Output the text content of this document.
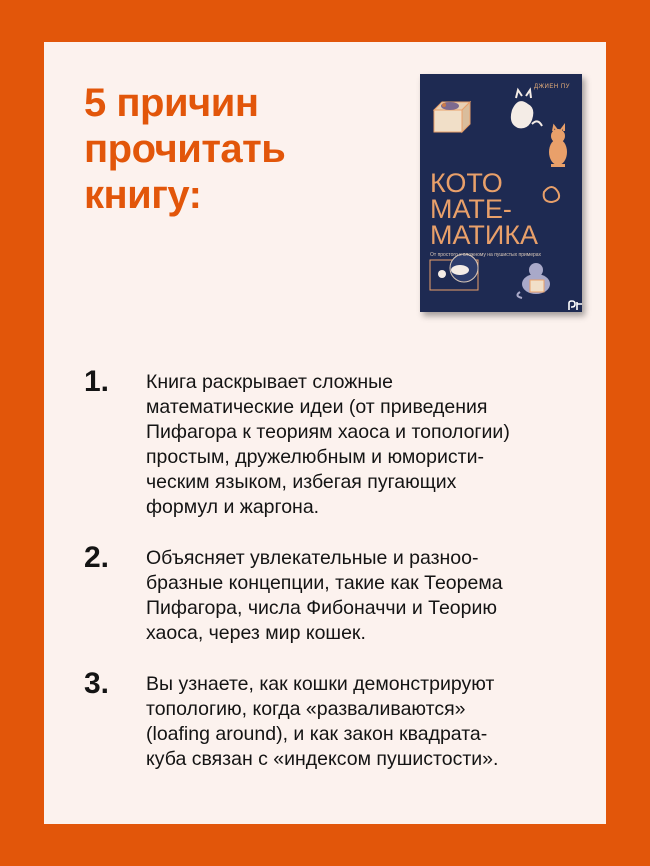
5 причин
прочитать
книгу:
ДЖИЕН ПУ
КОТО
МАТЕ-
МАТИКА
От простого к сложному на пушистых примерах
1. Книга раскрывает сложные
математические идеи (от приведения
Пифагора к теориям хаоса и топологии)
простым, дружелюбным и юмористи-
ческим языком, избегая пугающих
формул и жаргона.
2. Объясняет увлекательные и разноо-
бразные концепции, такие как Теорема
Пифагора, числа Фибоначчи и Теорию
хаоса, через мир кошек.
3. Вы узнаете, как кошки демонстрируют
топологию, когда «разваливаются»
(loafing around), и как закон квадрата-
куба связан с «индексом пушистости».
